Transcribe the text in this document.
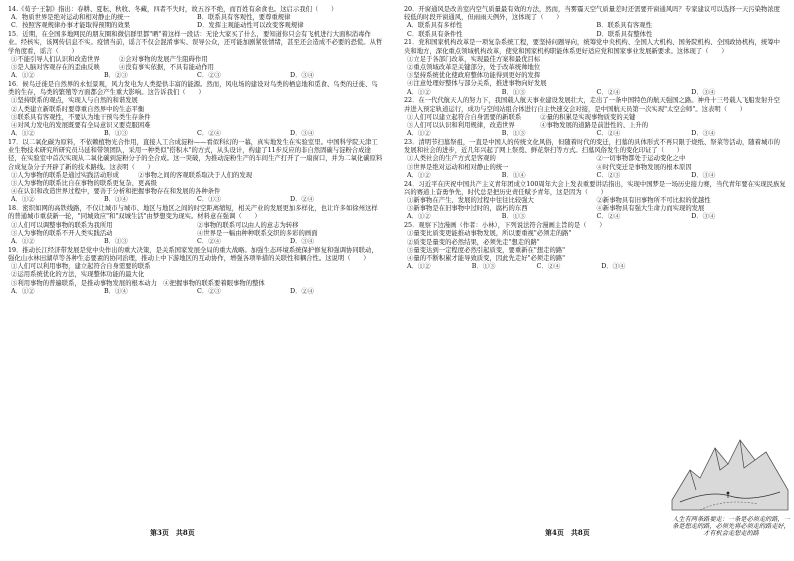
14.《荀子·王制》指出：春耕、夏耘、秋收、冬藏，四者不失时，故五谷不绝，而百姓有余食也。这启示我们（　　）
A．物质世界是绝对运动和相对静止的统一	B．联系具有客观性，要尊重规律
C．按照客观规律办事才能取得预期的效果	D．发挥主观能动性可以改变客观规律
15．近期，在全国多地网民的朋友圈和微信群里都"晒"着这样一段话：无论大家买了什么，要知道你只会有飞机进行大面积消毒作业。经核实，该网传信息不实。疫情当前，谣言不仅会混淆事实、误导公众，还可能加剧紧张情绪，甚至还会造成不必要的恐慌。从哲学角度看，谣言（　　）
①不能引导人们认识和改造世界　　　②会对事物的发展产生阻碍作用
③是人脑对客观存在的歪曲反映　　　④没有事实依据，不具有能动作用
A．①②	B．②③	C．②③	D．③④
16．候鸟迁徙是自然界的永恒景观，风力发电为人类提供丰富的能源。然而，风电场的建设对鸟类的栖息地和觅食、鸟类的迁徙、鸟类的生存，鸟类的繁殖等方面都会产生重大影响。这告诉我们（　　）
①坚持联系的观点，实现人与自然的和谐发展
②人类建立新联系时要尊重自然界中的生态平衡
③联系具有客观性，不要认为地干预鸟类生存条件
④对风力发电的发展既要有全局意识又要克服困难
A．①②	B．①③	C．②④	D．③④
17．以二氧化碳为原料，不依赖植物光合作用，直接人工合成淀粉——看似科幻的一幕，真实地发生在实验室里。中国科学院天津工业生物技术研究所研究员马延和带领团队，采用一种类似"搭积木"的方式，从头设计，构建了11步反应的非自然固碳与淀粉合成途径，在实验室中首次实现从二氧化碳到淀粉分子的全合成。这一突破，为推动淀粉生产的车间生产打开了一扇窗口，并为二氧化碳原料合成复杂分子开辟了新的技术路线。这表明（　　）
①人为事物的联系是通过实践活动形成　　　②事物之间的客观联系取决于人们的发现
③人为事物的联系比自在事物的联系更复杂、更高级
④在认识和改造世界过程中，要善于分析和把握事物存在和发展的各种条件
A．①②	B．①④	C．①③	D．②④
18．密织如网的高铁线路，不仅让城市与城市、地区与地区之间的时空距离缩短，相关产业的发展更加多样化，也让许多如徐州这样的普通城市重获新一轮，"同城效应"和"双城生活"由梦想变为现实。材料意在强调（　　）
①人们可以调整事物的联系为我所用	②事物的联系可以由人的意志为转移
③人为事物的联系不开人类实践活动	④世界是一幅由种种联系交织的多彩的画面
A．①②	B．①③	C．②④	D．③④
19．推动长江经济带发展是党中央作出的重大决策，是关系国家发展全局的重大战略。加强生态环境系统保护修复和强调协同联动，强化山水林田湖草等各种生态要素的协同治理，推动上中下游地区的互动协作，增强各项举措的关联性和耦合性。这说明（　　）
①人们可以利用事物，建立起符合自身需要的联系
②运用系统优化的方法，实现整体功能的最大化
③利用事物的普遍联系，是推动事物发展的根本动力　④把握事物的联系要着眼事物的整体
A．①②	B．①④	C．②③	D．②④
20．开窗通风是改善室内空气质量最有效的方法，然而，当雾霾天空气质量差时还需要开窗通风吗？专家建议可以选择一天污染物浓度较低的时段开窗通风，但雨雨天例外，这体现了（　　）
A．联系具有多样性	B．联系具有客观性
C．联系具有条件性	D．联系具有整体性
21．党和国家机构改革是一项复杂系统工程，要坚持问题导向，统筹党中央机构、全国人大机构、国务院机构、全国政协机构，统筹中央和地方，深化重点领域机构改革，使党和国家机构职能体系更好适应党和国家事业发展新要求。这体现了（　　）
①立足于各部门改革，实现最佳方案和最优目标
②重点领域改革是关键部分，处于改革统帅地位
③坚持系统优化使政府整体功能得到更好的发挥
④注意处理好整体与部分关系，推进事物向好发展
A．①②	B．①③	C．②④	D．③④
22．在一代代航天人的努力下，我国载人航天事业建设发展壮大，走出了一条中国特色的航天强国之路。神舟十三号载人飞船发射升空并进入预定轨道运行，成功与空间站组合体进行自主快速交会对接，是中国航天员第一次实现"太空会师"。这表明（　　）
①人们可以建立起符合自身需要的新联系　　　②量的积累是实现事物质变的关键
③人们可以认识和利用规律，改造世界　　　　④事物发展的道路是前进性的、上升的
A．①②	B．①③	C．②④	D．③④
23．清明节扫墓祭祖，一直是中国人的传统文化风俗，但随着时代的变迁，扫墓的具体形式不再只限于烧纸、祭菜等活动，随着城市的发展和社会的进步，近几年兴起了网上祭奠、鲜花祭扫等方式。扫墓风俗发生的变化印证了（　　）
①人类社会的生产方式是客观的	②一切事物都处于运动变化之中
③世界是绝对运动和相对静止的统一	④时代变迁是事物发展的根本原因
A．①②	B．①④	C．②③	D．③④
24．习近平在庆祝中国共产主义青年团成立100周年大会上发表重要讲话指出，实现中国梦是一场历史接力赛，当代青年要在实现民族复兴的赛道上奋勇争先，时代总是把历史责任赋予青年，这是因为（　　）
①新事物在产生、发展的过程中往往比较强大	②新事物具有旧事物所不可比拟的优越性
③新事物是在旧事物中过时的，腐朽的东西	④新事物具有强大生命力而实现的发展
A．①②	B．①③	C．②④	D．③④
25．观察下边漫画（作者：小林），下列说法符合漫画主旨的是（　　）
①量变比质变更能推动事物发展，所以要重视"必须走的路"
②质变是量变的必然结果，必须先走"想走的路"
③量变达到一定程度必然引起质变，要重新在"想走的路"
④量的不断积累才能导致质变，因此先走好"必须走的路"
A．①②	B．①③	C．②④	D．③④
人生有两条路要走：一条是必须走的路，一条是想走的路，必须先将必须走的路走好，才有机会走想走的路
第3页　共8页	第4页　共8页
